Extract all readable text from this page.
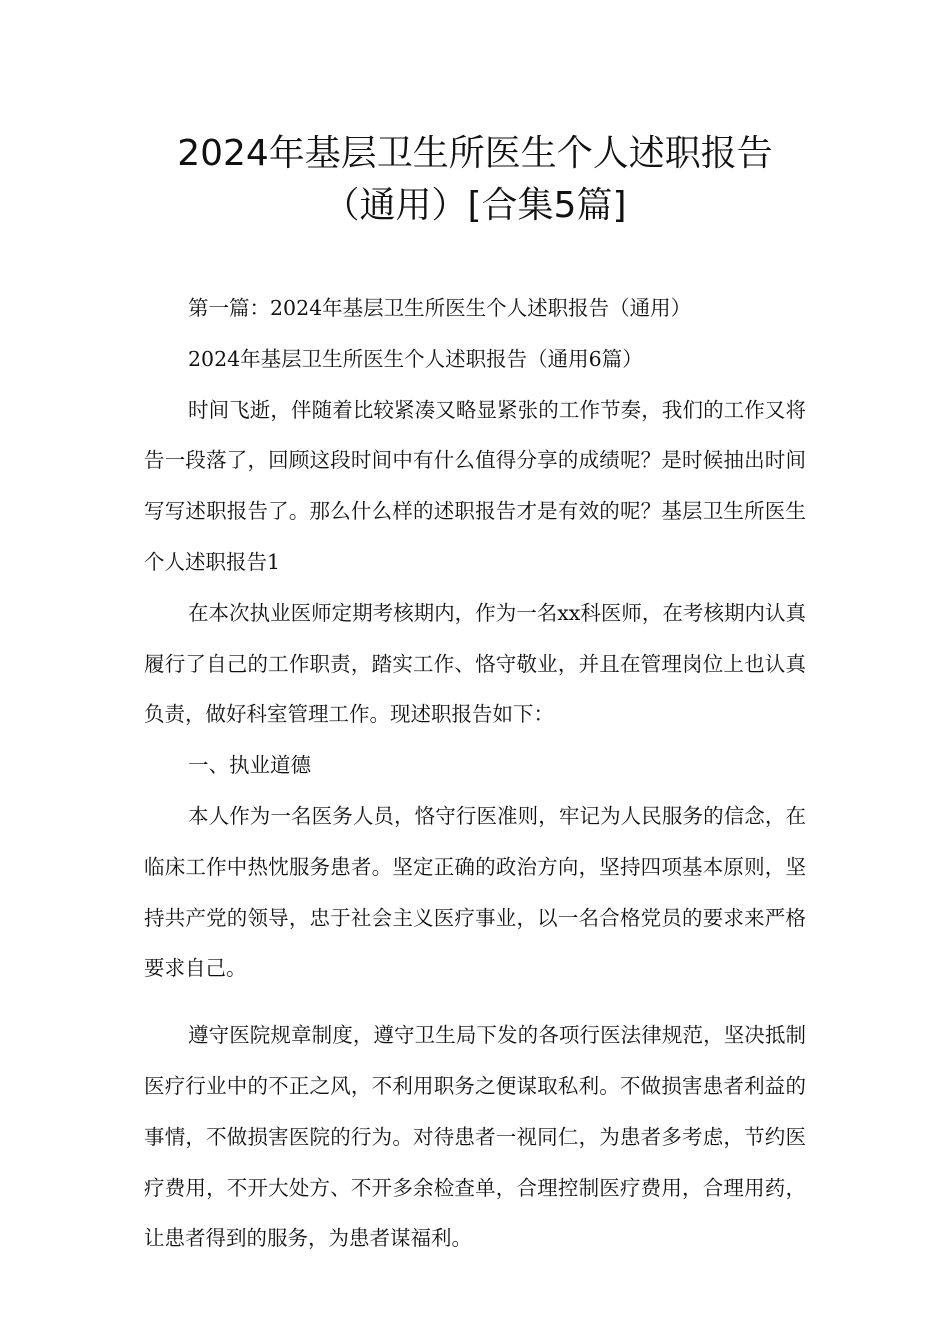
2024年基层卫生所医生个人述职报告
（通用）[合集5篇]

第一篇：2024年基层卫生所医生个人述职报告（通用）

2024年基层卫生所医生个人述职报告（通用6篇）

时间飞逝，伴随着比较紧凑又略显紧张的工作节奏，我们的工作又将告一段落了，回顾这段时间中有什么值得分享的成绩呢？是时候抽出时间写写述职报告了。那么什么样的述职报告才是有效的呢？基层卫生所医生个人述职报告1

在本次执业医师定期考核期内，作为一名xx科医师，在考核期内认真履行了自己的工作职责，踏实工作、恪守敬业，并且在管理岗位上也认真负责，做好科室管理工作。现述职报告如下：

一、执业道德

本人作为一名医务人员，恪守行医准则，牢记为人民服务的信念，在临床工作中热忱服务患者。坚定正确的政治方向，坚持四项基本原则，坚持共产党的领导，忠于社会主义医疗事业，以一名合格党员的要求来严格要求自己。

遵守医院规章制度，遵守卫生局下发的各项行医法律规范，坚决抵制医疗行业中的不正之风，不利用职务之便谋取私利。不做损害患者利益的事情，不做损害医院的行为。对待患者一视同仁，为患者多考虑，节约医疗费用，不开大处方、不开多余检查单，合理控制医疗费用，合理用药，让患者得到的服务，为患者谋福利。
